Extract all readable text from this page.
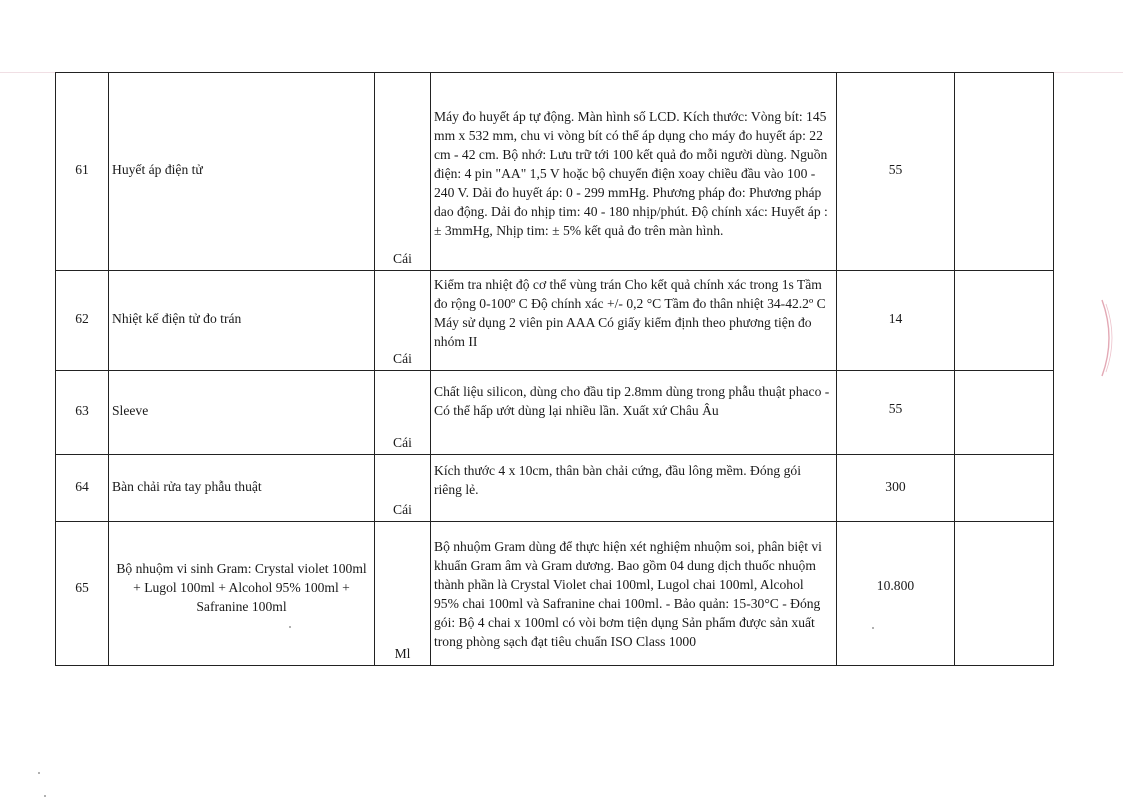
61	Huyết áp điện tử	Cái	Máy đo huyết áp tự động. Màn hình số LCD. Kích thước: Vòng bít: 145 mm x 532 mm, chu vi vòng bít có thể áp dụng cho máy đo huyết áp: 22 cm - 42 cm. Bộ nhớ: Lưu trữ tới 100 kết quả đo mỗi người dùng. Nguồn điện: 4 pin "AA" 1,5 V hoặc bộ chuyển điện xoay chiều đầu vào 100 - 240 V. Dải đo huyết áp: 0 - 299 mmHg. Phương pháp đo: Phương pháp dao động. Dải đo nhịp tim: 40 - 180 nhịp/phút. Độ chính xác: Huyết áp : ± 3mmHg, Nhịp tim: ± 5% kết quả đo trên màn hình.	55	

62	Nhiệt kế điện tử đo trán	Cái	Kiểm tra nhiệt độ cơ thể vùng trán Cho kết quả chính xác trong 1s Tầm đo rộng 0-100º C Độ chính xác +/- 0,2 °C Tầm đo thân nhiệt 34-42.2º C Máy sử dụng 2 viên pin AAA Có giấy kiểm định theo phương tiện đo nhóm II	14	

63	Sleeve	Cái	Chất liệu silicon, dùng cho đầu tip 2.8mm dùng trong phẫu thuật phaco - Có thể hấp ướt dùng lại nhiều lần. Xuất xứ Châu Âu	55	

64	Bàn chải rửa tay phẫu thuật	Cái	Kích thước 4 x 10cm, thân bàn chải cứng, đầu lông mềm. Đóng gói riêng lẻ.	300	

65	Bộ nhuộm vi sinh Gram: Crystal violet 100ml + Lugol 100ml + Alcohol 95% 100ml + Safranine 100ml	Ml	Bộ nhuộm Gram dùng để thực hiện xét nghiệm nhuộm soi, phân biệt vi khuẩn Gram âm và Gram dương. Bao gồm 04 dung dịch thuốc nhuộm thành phần là Crystal Violet chai 100ml, Lugol chai 100ml, Alcohol 95% chai 100ml và Safranine chai 100ml. - Bảo quản: 15-30°C - Đóng gói: Bộ 4 chai x 100ml có vòi bơm tiện dụng Sản phẩm được sản xuất trong phòng sạch đạt tiêu chuẩn ISO Class 1000	10.800	
